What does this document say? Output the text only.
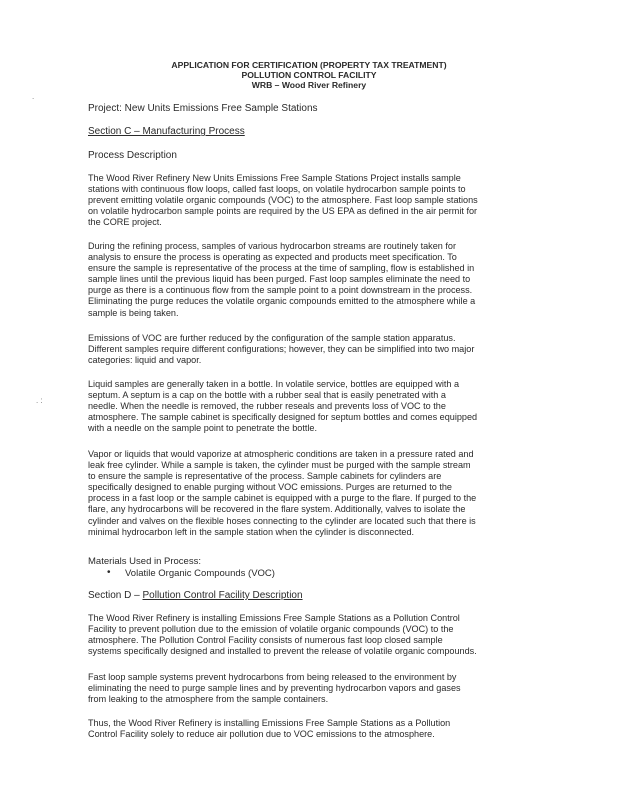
APPLICATION FOR CERTIFICATION (PROPERTY TAX TREATMENT)
POLLUTION CONTROL FACILITY
WRB – Wood River Refinery
.
. :
Project: New Units Emissions Free Sample Stations
Section C – Manufacturing Process
Process Description
The Wood River Refinery New Units Emissions Free Sample Stations Project installs sample
stations with continuous flow loops, called fast loops, on volatile hydrocarbon sample points to
prevent emitting volatile organic compounds (VOC) to the atmosphere. Fast loop sample stations
on volatile hydrocarbon sample points are required by the US EPA as defined in the air permit for
the CORE project.
During the refining process, samples of various hydrocarbon streams are routinely taken for
analysis to ensure the process is operating as expected and products meet specification. To
ensure the sample is representative of the process at the time of sampling, flow is established in
sample lines until the previous liquid has been purged. Fast loop samples eliminate the need to
purge as there is a continuous flow from the sample point to a point downstream in the process.
Eliminating the purge reduces the volatile organic compounds emitted to the atmosphere while a
sample is being taken.
Emissions of VOC are further reduced by the configuration of the sample station apparatus.
Different samples require different configurations; however, they can be simplified into two major
categories: liquid and vapor.
Liquid samples are generally taken in a bottle. In volatile service, bottles are equipped with a
septum. A septum is a cap on the bottle with a rubber seal that is easily penetrated with a
needle. When the needle is removed, the rubber reseals and prevents loss of VOC to the
atmosphere. The sample cabinet is specifically designed for septum bottles and comes equipped
with a needle on the sample point to penetrate the bottle.
Vapor or liquids that would vaporize at atmospheric conditions are taken in a pressure rated and
leak free cylinder. While a sample is taken, the cylinder must be purged with the sample stream
to ensure the sample is representative of the process. Sample cabinets for cylinders are
specifically designed to enable purging without VOC emissions. Purges are returned to the
process in a fast loop or the sample cabinet is equipped with a purge to the flare. If purged to the
flare, any hydrocarbons will be recovered in the flare system. Additionally, valves to isolate the
cylinder and valves on the flexible hoses connecting to the cylinder are located such that there is
minimal hydrocarbon left in the sample station when the cylinder is disconnected.
Materials Used in Process:
• Volatile Organic Compounds (VOC)
Section D – Pollution Control Facility Description
The Wood River Refinery is installing Emissions Free Sample Stations as a Pollution Control
Facility to prevent pollution due to the emission of volatile organic compounds (VOC) to the
atmosphere. The Pollution Control Facility consists of numerous fast loop closed sample
systems specifically designed and installed to prevent the release of volatile organic compounds.
Fast loop sample systems prevent hydrocarbons from being released to the environment by
eliminating the need to purge sample lines and by preventing hydrocarbon vapors and gases
from leaking to the atmosphere from the sample containers.
Thus, the Wood River Refinery is installing Emissions Free Sample Stations as a Pollution
Control Facility solely to reduce air pollution due to VOC emissions to the atmosphere.
